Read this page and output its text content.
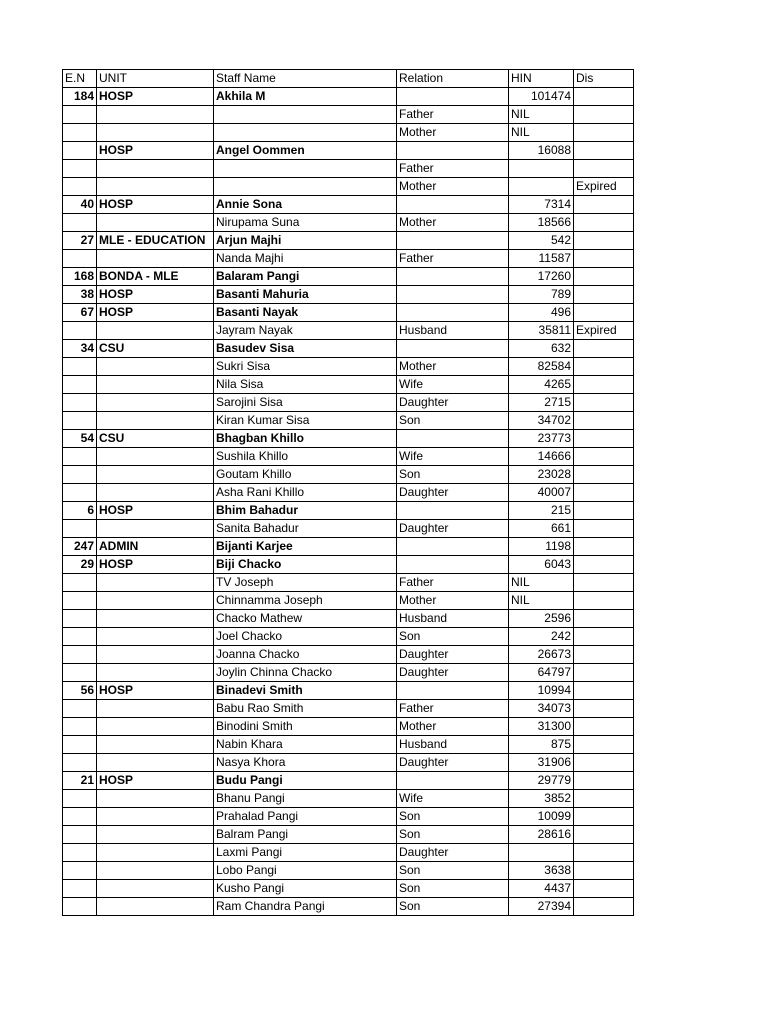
E.N	UNIT	Staff Name	Relation	HIN	Dis
184	HOSP	Akhila M		101474	
			Father	NIL	
			Mother	NIL	
	HOSP	Angel Oommen		16088	
			Father		
			Mother		Expired
40	HOSP	Annie Sona		7314	
		Nirupama Suna	Mother	18566	
27	MLE - EDUCATION	Arjun Majhi		542	
		Nanda Majhi	Father	11587	
168	BONDA - MLE	Balaram Pangi		17260	
38	HOSP	Basanti Mahuria		789	
67	HOSP	Basanti Nayak		496	
		Jayram Nayak	Husband	35811	Expired
34	CSU	Basudev Sisa		632	
		Sukri Sisa	Mother	82584	
		Nila Sisa	Wife	4265	
		Sarojini Sisa	Daughter	2715	
		Kiran Kumar Sisa	Son	34702	
54	CSU	Bhagban Khillo		23773	
		Sushila Khillo	Wife	14666	
		Goutam Khillo	Son	23028	
		Asha Rani Khillo	Daughter	40007	
6	HOSP	Bhim Bahadur		215	
		Sanita Bahadur	Daughter	661	
247	ADMIN	Bijanti Karjee		1198	
29	HOSP	Biji Chacko		6043	
		TV Joseph	Father	NIL	
		Chinnamma Joseph	Mother	NIL	
		Chacko Mathew	Husband	2596	
		Joel Chacko	Son	242	
		Joanna Chacko	Daughter	26673	
		Joylin Chinna Chacko	Daughter	64797	
56	HOSP	Binadevi Smith		10994	
		Babu Rao Smith	Father	34073	
		Binodini Smith	Mother	31300	
		Nabin Khara	Husband	875	
		Nasya Khora	Daughter	31906	
21	HOSP	Budu Pangi		29779	
		Bhanu Pangi	Wife	3852	
		Prahalad Pangi	Son	10099	
		Balram Pangi	Son	28616	
		Laxmi Pangi	Daughter		
		Lobo Pangi	Son	3638	
		Kusho Pangi	Son	4437	
		Ram Chandra Pangi	Son	27394	
